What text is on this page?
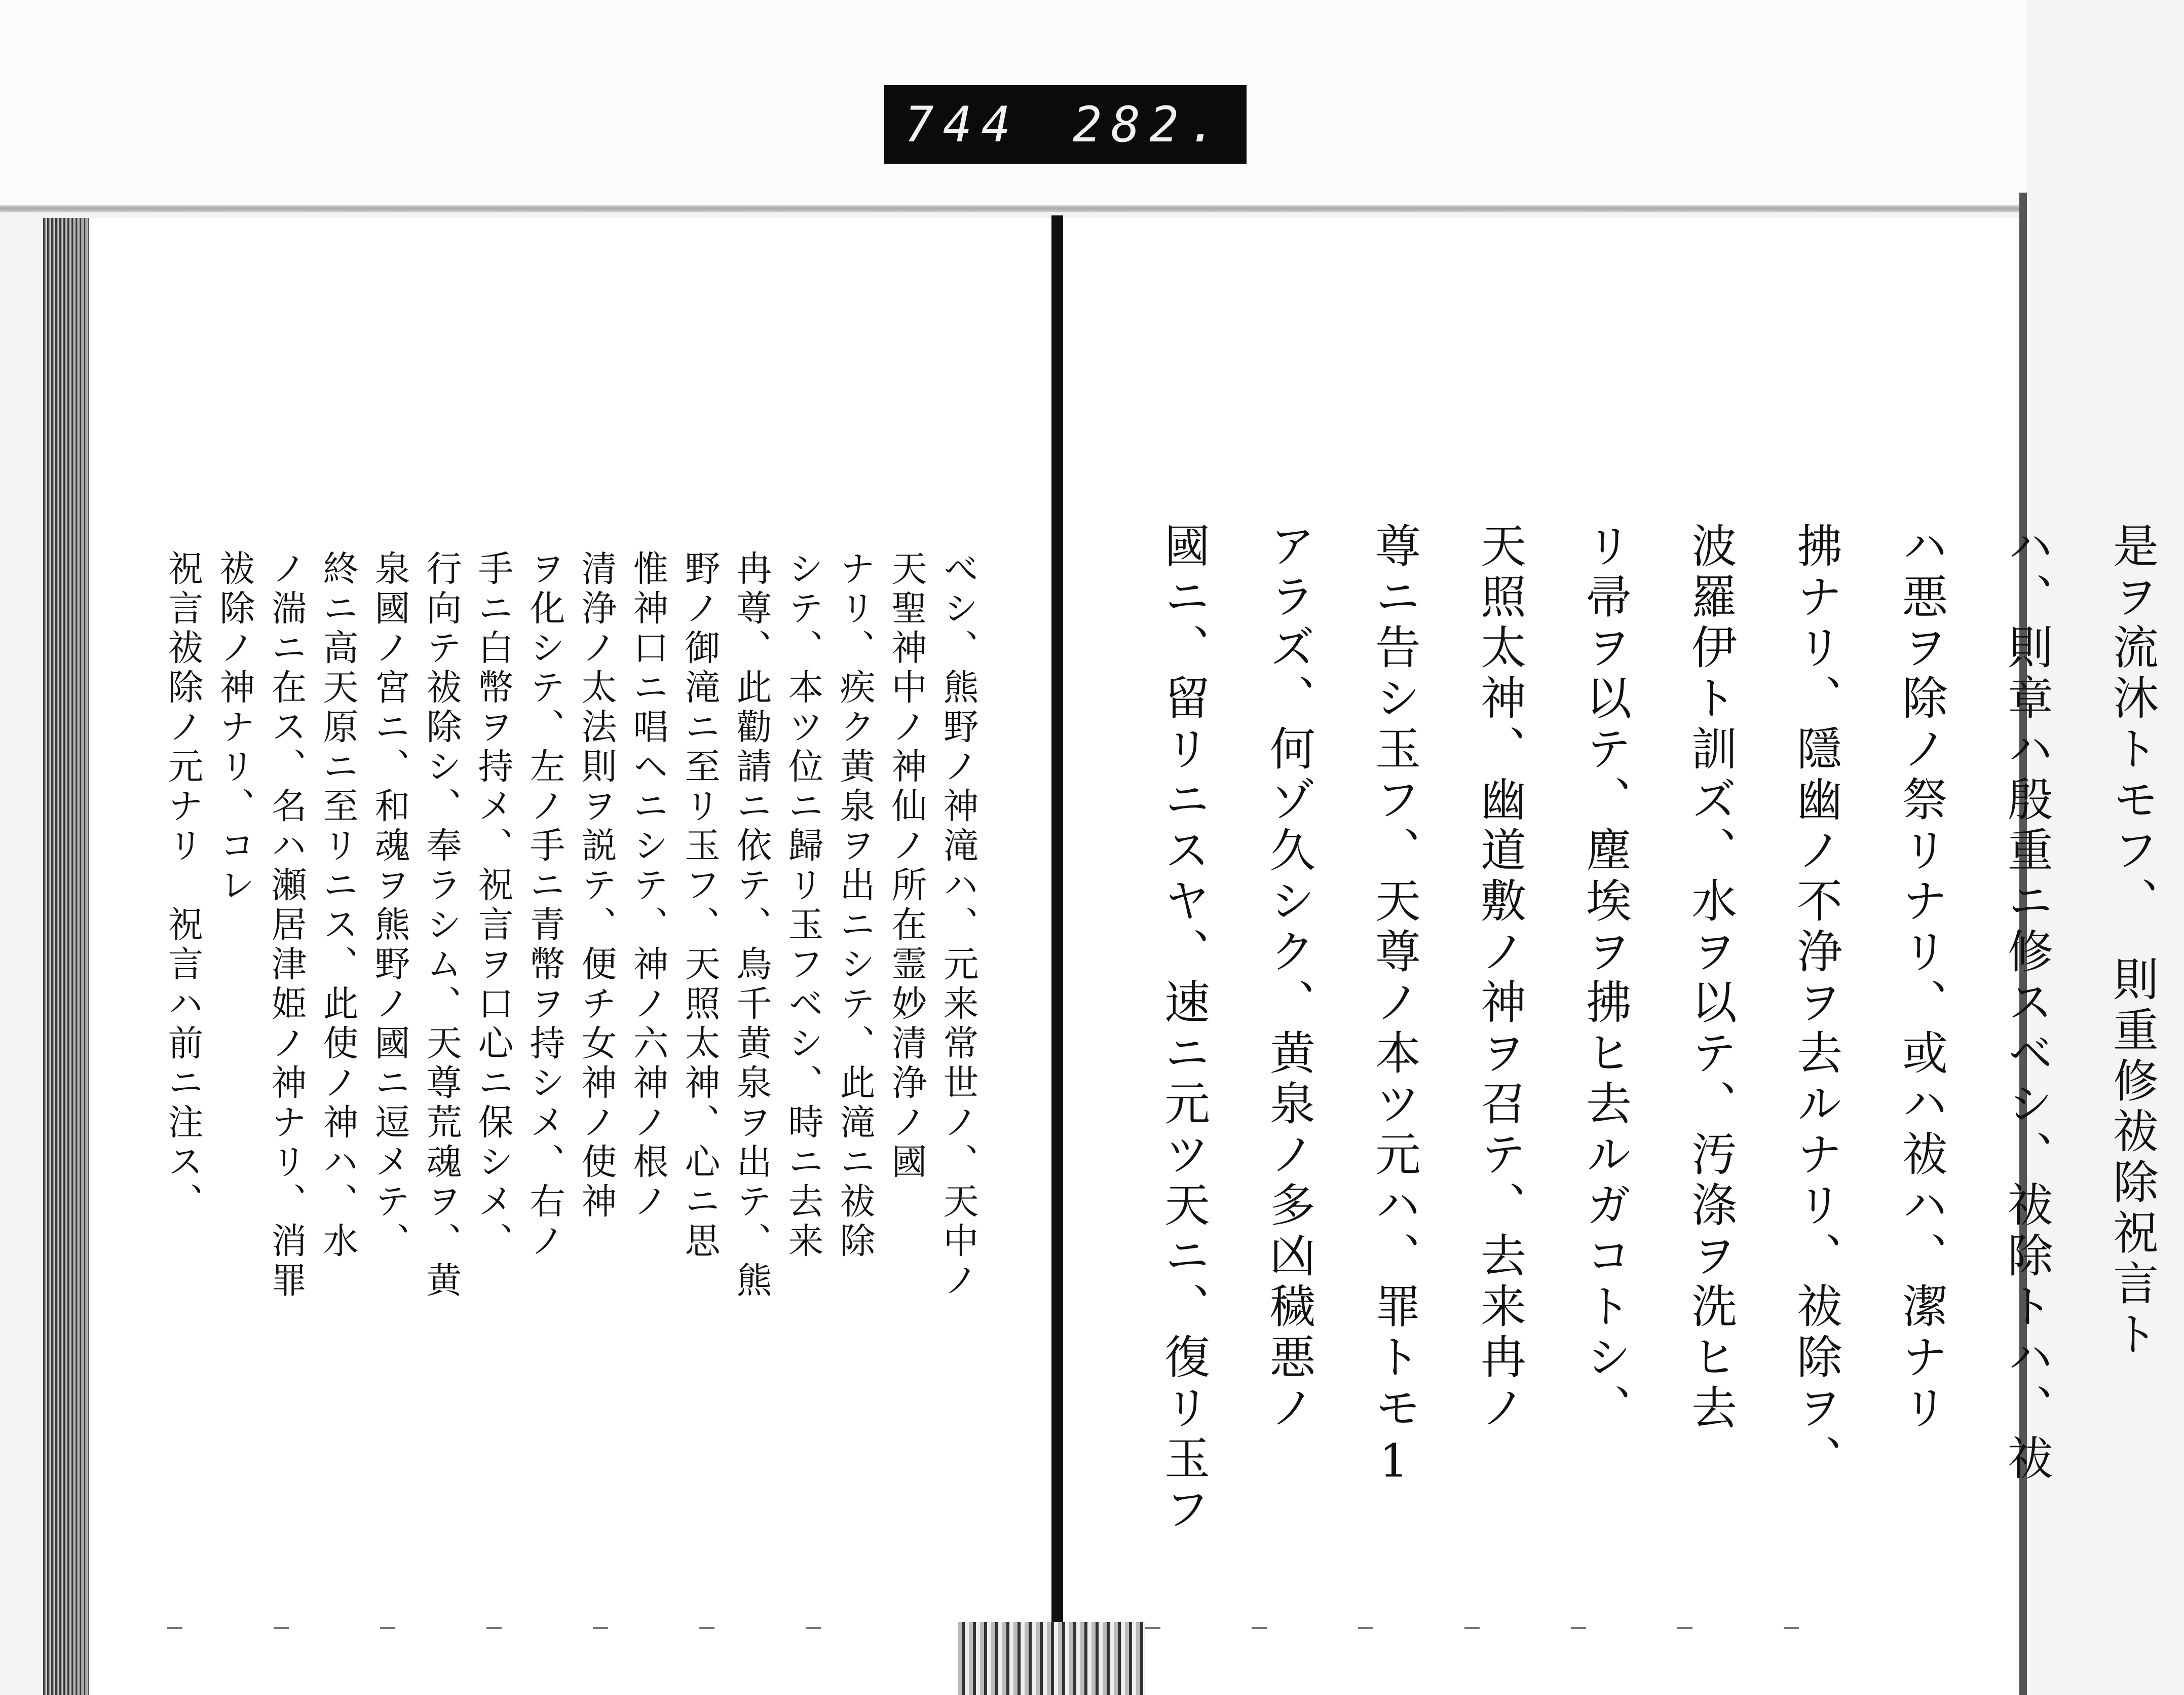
744 282.
べシ、熊野ノ神滝ハ、元来常世ノ、天中ノ
天聖神中ノ神仙ノ所在霊妙清浄ノ國
ナリ、疾ク黄泉ヲ出ニシテ、此滝ニ祓除
シテ、本ツ位ニ歸リ玉フベシ、時ニ去来
冉尊、此勸請ニ依テ、鳥千黄泉ヲ出テ、熊
野ノ御滝ニ至リ玉フ、天照太神、心ニ思
惟神口ニ唱ヘニシテ、神ノ六神ノ根ノ
清浄ノ太法則ヲ説テ、便チ女神ノ使神
ヲ化シテ、左ノ手ニ青幣ヲ持シメ、右ノ
手ニ白幣ヲ持メ、祝言ヲ口心ニ保シメ、
行向テ祓除シ、奉ラシム、天尊荒魂ヲ、黄
泉國ノ宮ニ、和魂ヲ熊野ノ國ニ逗メテ、
終ニ高天原ニ至リニス、此使ノ神ハ、水
ノ湍ニ在ス、名ハ瀬居津姫ノ神ナリ、消罪
祓除ノ神ナリ、コレ
祝言祓除ノ元ナリ　祝言ハ前ニ注ス、	是ヲ流沐トモフ、　則重修祓除祝言ト
ハ、則章ハ殷重ニ修スベシ、祓除トハ、祓
ハ悪ヲ除ノ祭リナリ、或ハ祓ハ、潔ナリ
拂ナリ、隱幽ノ不浄ヲ去ルナリ、祓除ヲ、
波羅伊ト訓ズ、水ヲ以テ、汚涤ヲ洗ヒ去
リ帚ヲ以テ、塵埃ヲ拂ヒ去ルガコトシ、
天照太神、幽道敷ノ神ヲ召テ、去来冉ノ
尊ニ告シ玉フ、天尊ノ本ツ元ハ、罪トモ1
アラズ、何ゾ久シク、黄泉ノ多凶穢悪ノ
國ニ、留リニスヤ、速ニ元ツ天ニ、復リ玉フ
